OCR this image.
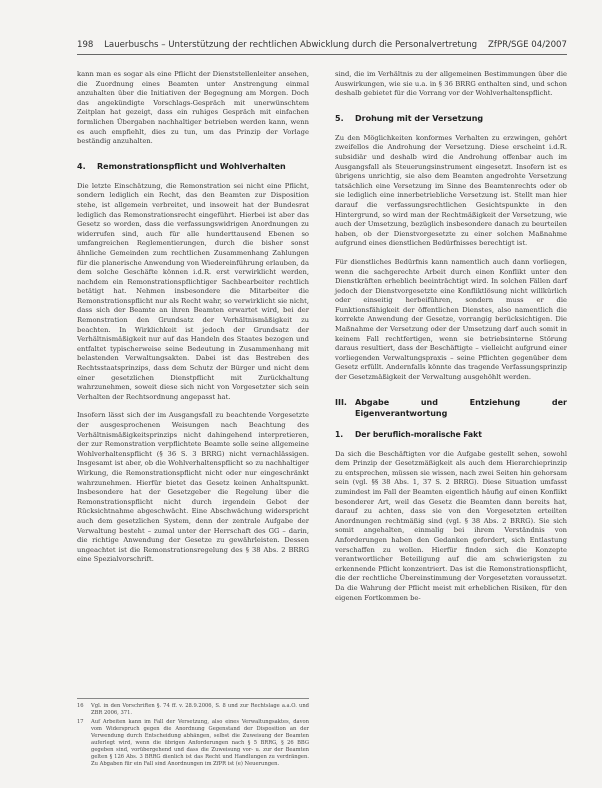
198 Lauerbuschs – Unterstützung der rechtlichen Abwicklung durch die Personalvertretung ZfPR/SGE 04/2007

kann man es sogar als eine Pflicht der Dienststellenleiter ansehen, die Zuordnung eines Beamten unter Anstrengung einmal anzuhalten über die Initiativen der Begegnung am Morgen. Doch das angekündigte Vorschlags-Gespräch mit unerwünschtem Zeitplan hat gezeigt, dass ein ruhiges Gespräch mit einfachen formlichen Übergaben nachhaltiger betrieben werden kann, wenn es auch empfiehlt, dies zu tun, um das Prinzip der Vorlage beständig anzuhalten.

4.	Remonstrationspflicht und Wohlverhalten

Die letzte Einschätzung, die Remonstration sei nicht eine Pflicht, sondern lediglich ein Recht, das den Beamten zur Disposition stehe, ist allgemein verbreitet, und insoweit hat der Bundesrat lediglich das Remonstrationsrecht eingeführt. Hierbei ist aber das Gesetz so worden, dass die verfassungswidrigen Anordnungen zu widerrufen sind, auch für alle hunderttausend Ebenen so umfangreichen Reglementierungen, durch die bisher sonst ähnliche Gemeinden zum rechtlichen Zusammenhang Zahlungen für die planerische Anwendung von Wiedereinführung erlauben, da dem solche Geschäfte können i.d.R. erst verwirklicht werden, nachdem ein Remonstrationspflichtiger Sachbearbeiter rechtlich betätigt hat. Nehmen insbesondere die Mitarbeiter die Remonstrationspflicht nur als Recht wahr, so verwirklicht sie nicht, dass sich der Beamte an ihren Beamten erwartet wird, bei der Remonstration den Grundsatz der Verhältnismäßigkeit zu beachten. In Wirklichkeit ist jedoch der Grundsatz der Verhältnismäßigkeit nur auf das Handeln des Staates bezogen und entfaltet typischerweise seine Bedeutung in Zusammenhang mit belastenden Verwaltungsakten. Dabei ist das Bestreben des Rechtsstaatsprinzips, dass dem Schutz der Bürger und nicht dem einer gesetzlichen Dienstpflicht mit Zurückhaltung wahrzunehmen, soweit diese sich nicht von Vorgesetzter sich sein Verhalten der Rechtsordnung angepasst hat.

Insofern lässt sich der im Ausgangsfall zu beachtende Vorgesetzte der ausgesprochenen Weisungen nach Beachtung des Verhältnismäßigkeitsprinzips nicht dahingehend interpretieren, der zur Remonstration verpflichtete Beamte solle seine allgemeine Wohlverhaltenspflicht (§ 36 S. 3 BRRG) nicht vernachlässigen. Insgesamt ist aber, ob die Wohlverhaltenspflicht so zu nachhaltiger Wirkung, die Remonstrationspflicht nicht oder nur eingeschränkt wahrzunehmen. Hierfür bietet das Gesetz keinen Anhaltspunkt. Insbesondere hat der Gesetzgeber die Regelung über die Remonstrationspflicht nicht durch irgendein Gebot der Rücksichtnahme abgeschwächt. Eine Abschwächung widerspricht auch dem gesetzlichen System, denn der zentrale Aufgabe der Verwaltung besteht – zumal unter der Herrschaft des GG – darin, die richtige Anwendung der Gesetze zu gewährleisten. Dessen ungeachtet ist die Remonstrationsregelung des § 38 Abs. 2 BRRG eine Spezialvorschrift.

16	Vgl. in den Vorschriften §. 74 ff. v. 28.9.2006, S. 8 und zur Rechtslage a.a.O. und ZBR 2006, 371.
17	Auf Arbeiten kann im Fall der Versetzung, also eines Verwaltungsaktes, davon vom Widerspruch gegen die Anordnung Gegenstand der Disposition an der Verwendung durch Entscheidung abhängen, selbst die Zuweisung der Beamten auferlegt wird, wenn die übrigen Anforderungen nach § 5 BRRG, § 26 BBG gegeben sind, vorübergehend und dass die Zuweisung vor- u. zur der Beamten gelten § 126 Abs. 3 BRRG dienlich ist das Recht und Handlungen zu verdrängen. Zu Abgaben für ein Fall sind Anordnungen im ZfPR ist (e) Neuerungen.

sind, die im Verhältnis zu der allgemeinen Bestimmungen über die Auswirkungen, wie sie u.a. in § 36 BRRG enthalten sind, und schon deshalb gebietet für die Vorrang vor der Wohlverhaltenspflicht.

5.	Drohung mit der Versetzung

Zu den Möglichkeiten konformes Verhalten zu erzwingen, gehört zweifellos die Androhung der Versetzung. Diese erscheint i.d.R. subsidiär und deshalb wird die Androhung offenbar auch im Ausgangsfall als Steuerungsinstrument eingesetzt. Insofern ist es übrigens unrichtig, sie also dem Beamten angedrohte Versetzung tatsächlich eine Versetzung im Sinne des Beamtenrechts oder ob sie lediglich eine innerbetriebliche Versetzung ist. Stellt man hier darauf die verfassungsrechtlichen Gesichtspunkte in den Hintergrund, so wird man der Rechtmäßigkeit der Versetzung, wie auch der Umsetzung, bezüglich insbesondere danach zu beurteilen haben, ob der Dienstvorgesetzte zu einer solchen Maßnahme aufgrund eines dienstlichen Bedürfnisses berechtigt ist.

Für dienstliches Bedürfnis kann namentlich auch dann vorliegen, wenn die sachgerechte Arbeit durch einen Konflikt unter den Dienstkräften erheblich beeinträchtigt wird. In solchen Fällen darf jedoch der Dienstvorgesetzte eine Konfliktlösung nicht willkürlich oder einseitig herbeiführen, sondern muss er die Funktionsfähigkeit der öffentlichen Dienstes, also namentlich die korrekte Anwendung der Gesetze, vorrangig berücksichtigen. Die Maßnahme der Versetzung oder der Umsetzung darf auch somit in keinem Fall rechtfertigen, wenn sie betriebsinterne Störung daraus resultiert, dass der Beschäftigte – vielleicht aufgrund einer vorliegenden Verwaltungspraxis – seine Pflichten gegenüber dem Gesetz erfüllt. Andernfalls könnte das tragende Verfassungsprinzip der Gesetzmäßigkeit der Verwaltung ausgehöhlt werden.

III.	Abgabe und Entziehung der Eigenverantwortung
1.	Der beruflich-moralische Fakt

Da sich die Beschäftigten vor die Aufgabe gestellt sehen, sowohl dem Prinzip der Gesetzmäßigkeit als auch dem Hierarchieprinzip zu entsprechen, müssen sie wissen, nach zwei Seiten hin gehorsam sein (vgl. §§ 38 Abs. 1, 37 S. 2 BRRG). Diese Situation umfasst zumindest im Fall der Beamten eigentlich häufig auf einen Konflikt besonderer Art, weil das Gesetz die Beamten dann bereits hat, darauf zu achten, dass sie von den Vorgesetzten erteilten Anordnungen rechtmäßig sind (vgl. § 38 Abs. 2 BRRG). Sie sich somit angehalten, einmalig bei ihrem Verständnis von Anforderungen haben den Gedanken gefordert, sich Entlastung verschaffen zu wollen. Hierfür finden sich die Konzepte verantwortlicher Beteiligung auf die am schwierigsten zu erkennende Pflicht konzentriert. Das ist die Remonstrationspflicht, die der rechtliche Übereinstimmung der Vorgesetzten voraussetzt. Da die Wahrung der Pflicht meist mit erheblichen Risiken, für den eigenen Fortkommen be-
